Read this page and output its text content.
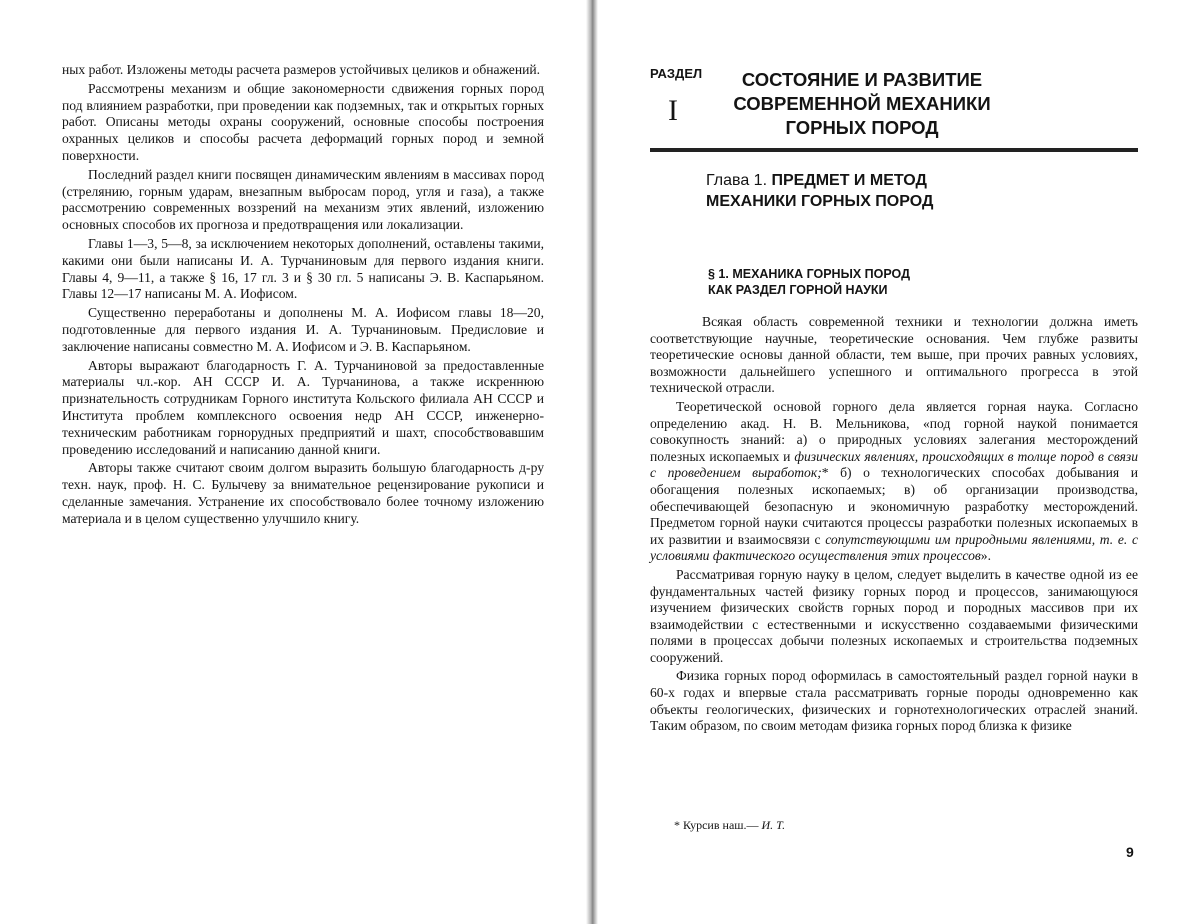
ных работ. Изложены методы расчета размеров устойчивых целиков и обнажений.

Рассмотрены механизм и общие закономерности сдвижения горных пород под влиянием разработки, при проведении как подземных, так и открытых горных работ. Описаны методы охраны сооружений, основные способы построения охранных целиков и способы расчета деформаций горных пород и земной поверхности.

Последний раздел книги посвящен динамическим явлениям в массивах пород (стрелянию, горным ударам, внезапным выбросам пород, угля и газа), а также рассмотрению современных воззрений на механизм этих явлений, изложению основных способов их прогноза и предотвращения или локализации.

Главы 1—3, 5—8, за исключением некоторых дополнений, оставлены такими, какими они были написаны И. А. Турчаниновым для первого издания книги. Главы 4, 9—11, а также § 16, 17 гл. 3 и § 30 гл. 5 написаны Э. В. Каспарьяном. Главы 12—17 написаны М. А. Иофисом.

Существенно переработаны и дополнены М. А. Иофисом главы 18—20, подготовленные для первого издания И. А. Турчаниновым. Предисловие и заключение написаны совместно М. А. Иофисом и Э. В. Каспарьяном.

Авторы выражают благодарность Г. А. Турчаниновой за предоставленные материалы чл.-кор. АН СССР И. А. Турчанинова, а также искреннюю признательность сотрудникам Горного института Кольского филиала АН СССР и Института проблем комплексного освоения недр АН СССР, инженерно-техническим работникам горнорудных предприятий и шахт, способствовавшим проведению исследований и написанию данной книги.

Авторы также считают своим долгом выразить большую благодарность д-ру техн. наук, проф. Н. С. Булычеву за внимательное рецензирование рукописи и сделанные замечания. Устранение их способствовало более точному изложению материала и в целом существенно улучшило книгу.

РАЗДЕЛ
I
СОСТОЯНИЕ И РАЗВИТИЕ СОВРЕМЕННОЙ МЕХАНИКИ ГОРНЫХ ПОРОД
Глава 1. ПРЕДМЕТ И МЕТОД
МЕХАНИКИ ГОРНЫХ ПОРОД
§ 1. МЕХАНИКА ГОРНЫХ ПОРОД
КАК РАЗДЕЛ ГОРНОЙ НАУКИ

Всякая область современной техники и технологии должна иметь соответствующие научные, теоретические основания. Чем глубже развиты теоретические основы данной области, тем выше, при прочих равных условиях, возможности дальнейшего успешного и оптимального прогресса в этой технической отрасли.

Теоретической основой горного дела является горная наука. Согласно определению акад. Н. В. Мельникова, «под горной наукой понимается совокупность знаний: а) о природных условиях залегания месторождений полезных ископаемых и физических явлениях, происходящих в толще пород в связи с проведением выработок;* б) о технологических способах добывания и обогащения полезных ископаемых; в) об организации производства, обеспечивающей безопасную и экономичную разработку месторождений. Предметом горной науки считаются процессы разработки полезных ископаемых в их развитии и взаимосвязи с сопутствующими им природными явлениями, т. е. с условиями фактического осуществления этих процессов».

Рассматривая горную науку в целом, следует выделить в качестве одной из ее фундаментальных частей физику горных пород и процессов, занимающуюся изучением физических свойств горных пород и породных массивов при их взаимодействии с естественными и искусственно создаваемыми физическими полями в процессах добычи полезных ископаемых и строительства подземных сооружений.

Физика горных пород оформилась в самостоятельный раздел горной науки в 60-х годах и впервые стала рассматривать горные породы одновременно как объекты геологических, физических и горнотехнологических отраслей знаний. Таким образом, по своим методам физика горных пород близка к физике

* Курсив наш.— И. Т.
9
